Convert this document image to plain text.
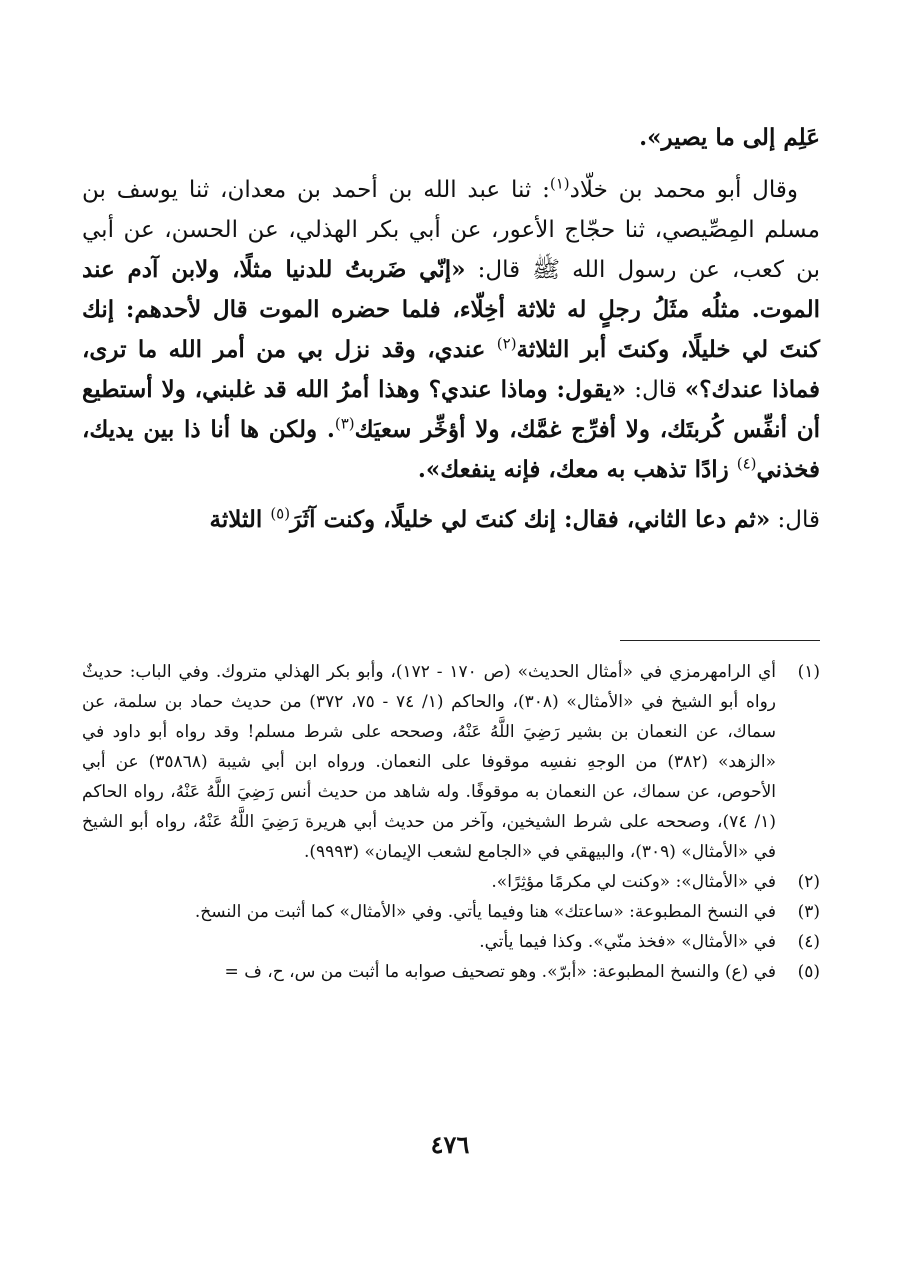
عَلِم إلى ما يصير».

وقال أبو محمد بن خلّاد$^{(١)}$: ثنا عبد الله بن أحمد بن معدان، ثنا يوسف بن مسلم المِصِّيصي، ثنا حجّاج الأعور، عن أبي بكر الهذلي، عن الحسن، عن أبي بن كعب، عن رسول الله ﷺ قال: «إنّي ضَربتُ للدنيا مثلًا، ولابن آدم عند الموت. مثلُه مثَلُ رجلٍ له ثلاثة أخِلّاء، فلما حضره الموت قال لأحدهم: إنك كنتَ لي خليلًا، وكنتَ أبر الثلاثة$^{(٢)}$ عندي، وقد نزل بي من أمر الله ما ترى، فماذا عندك؟» قال: «يقول: وماذا عندي؟ وهذا أمرُ الله قد غلبني، ولا أستطيع أن أنفِّس كُربتَك، ولا أفرِّج غمَّك، ولا أؤخِّر سعيَك$^{(٣)}$. ولكن ها أنا ذا بين يديك، فخذني$^{(٤)}$ زادًا تذهب به معك، فإنه ينفعك».

قال: «ثم دعا الثاني، فقال: إنك كنتَ لي خليلًا، وكنت آثَرَ$^{(٥)}$ الثلاثة

(١)
أي الرامهرمزي في «أمثال الحديث» (ص ١٧٠ - ١٧٢)، وأبو بكر الهذلي متروك. وفي الباب: حديثٌ رواه أبو الشيخ في «الأمثال» (٣٠٨)، والحاكم (١/ ٧٤ - ٧٥، ٣٧٢) من حديث حماد بن سلمة، عن سماك، عن النعمان بن بشير رَضِيَ اللَّهُ عَنْهُ، وصححه على شرط مسلم! وقد رواه أبو داود في «الزهد» (٣٨٢) من الوجهِ نفسِه موقوفا على النعمان. ورواه ابن أبي شيبة (٣٥٨٦٨) عن أبي الأحوص، عن سماك، عن النعمان به موقوفًا. وله شاهد من حديث أنس رَضِيَ اللَّهُ عَنْهُ، رواه الحاكم (١/ ٧٤)، وصححه على شرط الشيخين، وآخر من حديث أبي هريرة رَضِيَ اللَّهُ عَنْهُ، رواه أبو الشيخ في «الأمثال» (٣٠٩)، والبيهقي في «الجامع لشعب الإيمان» (٩٩٩٣).
(٢)
في «الأمثال»: «وكنت لي مكرمًا مؤثِرًا».
(٣)
في النسخ المطبوعة: «ساعتك» هنا وفيما يأتي. وفي «الأمثال» كما أثبت من النسخ.
(٤)
في «الأمثال» «فخذ منّي». وكذا فيما يأتي.
(٥)
في (ع) والنسخ المطبوعة: «أبرّ». وهو تصحيف صوابه ما أثبت من س، ح، ف =
٤٧٦
